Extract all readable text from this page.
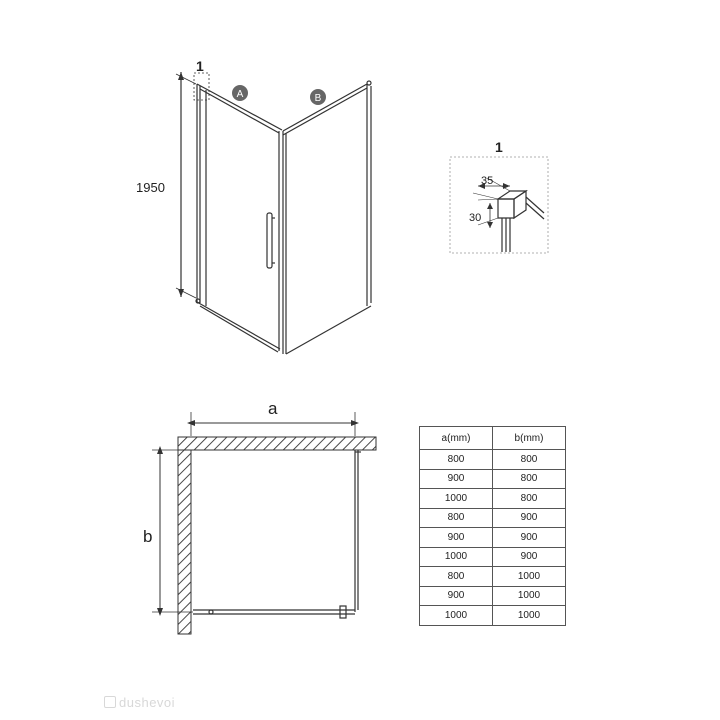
1950
1
A	B
1
35
30
a
b
a(mm)	b(mm)
800	800
900	800
1000	800
800	900
900	900
1000	900
800	1000
900	1000
1000	1000
dushevoi
